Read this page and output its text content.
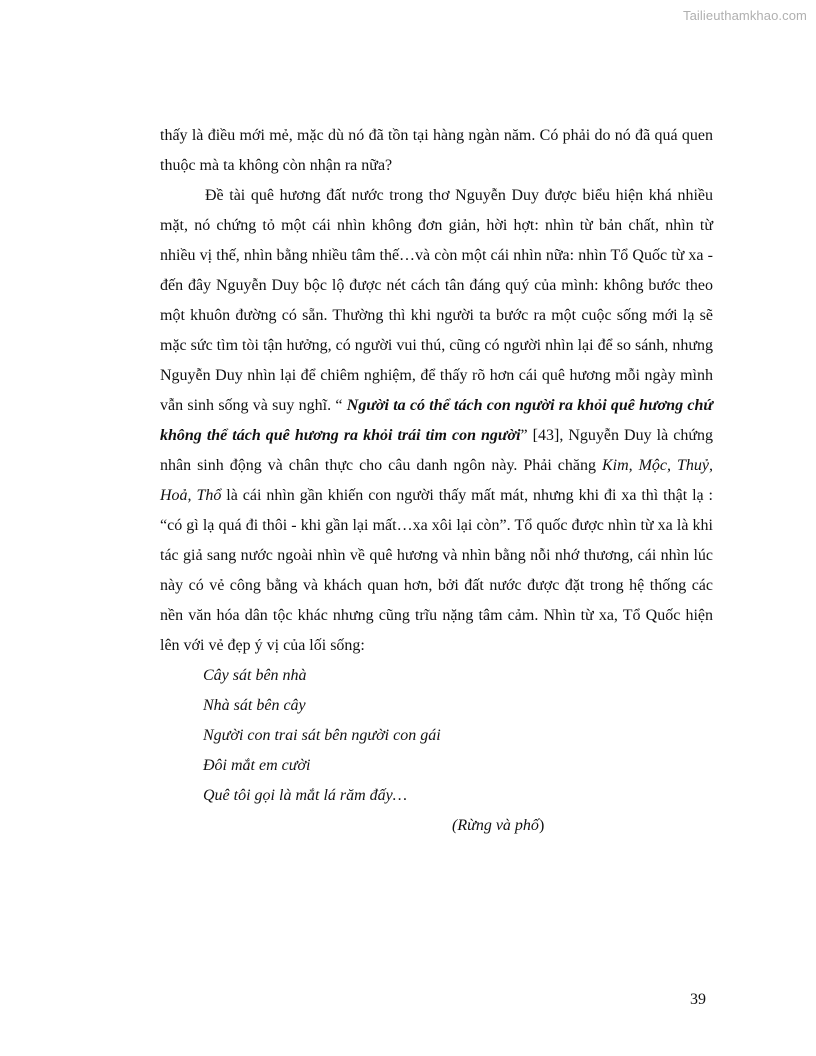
Tailieuthamkhao.com

thấy là điều mới mẻ, mặc dù nó đã tồn tại hàng ngàn năm. Có phải do nó đã quá quen thuộc mà ta không còn nhận ra nữa?

Đề tài quê hương đất nước trong thơ Nguyễn Duy được biểu hiện khá nhiều mặt, nó chứng tỏ một cái nhìn không đơn giản, hời hợt: nhìn từ bản chất, nhìn từ nhiều vị thế, nhìn bằng nhiều tâm thế…và còn một cái nhìn nữa: nhìn Tổ Quốc từ xa - đến đây Nguyễn Duy bộc lộ được nét cách tân đáng quý của mình: không bước theo một khuôn đường có sẵn. Thường thì khi người ta bước ra một cuộc sống mới lạ sẽ mặc sức tìm tòi tận hưởng, có người vui thú, cũng có người nhìn lại để so sánh, nhưng Nguyễn Duy nhìn lại để chiêm nghiệm, để thấy rõ hơn cái quê hương mỗi ngày mình vẫn sinh sống và suy nghĩ. “ Người ta có thể tách con người ra khỏi quê hương chứ không thể tách quê hương ra khỏi trái tim con người” [43], Nguyễn Duy là chứng nhân sinh động và chân thực cho câu danh ngôn này. Phải chăng Kim, Mộc, Thuỷ, Hoả, Thổ là cái nhìn gần khiến con người thấy mất mát, nhưng khi đi xa thì thật lạ : “có gì lạ quá đi thôi - khi gần lại mất…xa xôi lại còn”. Tổ quốc được nhìn từ xa là khi tác giả sang nước ngoài nhìn về quê hương và nhìn bằng nỗi nhớ thương, cái nhìn lúc này có vẻ công bằng và khách quan hơn, bởi đất nước được đặt trong hệ thống các nền văn hóa dân tộc khác nhưng cũng trĩu nặng tâm cảm. Nhìn từ xa, Tổ Quốc hiện lên với vẻ đẹp ý vị của lối sống:

Cây sát bên nhà
Nhà sát bên cây
Người con trai sát bên người con gái
Đôi mắt em cười
Quê tôi gọi là mắt lá răm đấy…
(Rừng và phố)
39
